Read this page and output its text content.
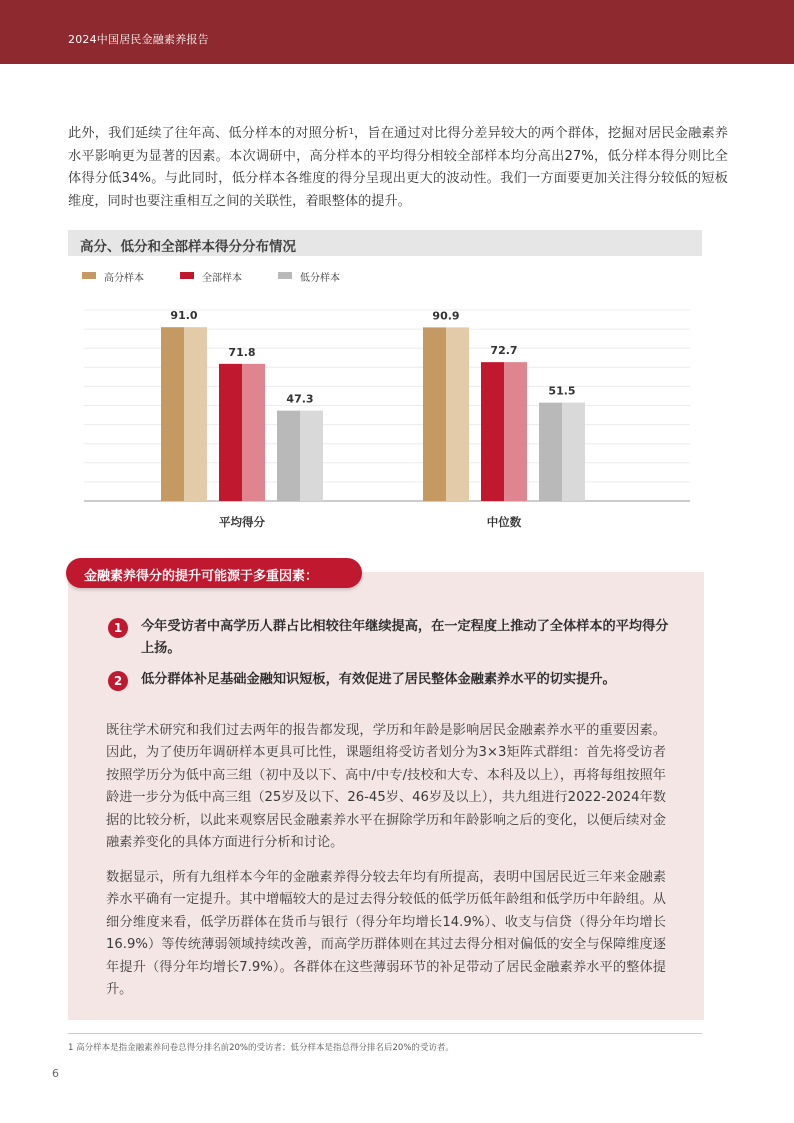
2024中国居民金融素养报告
此外，我们延续了往年高、低分样本的对照分析$^1$，旨在通过对比得分差异较大的两个群体，挖掘对居民金融素养水平影响更为显著的因素。本次调研中，高分样本的平均得分相较全部样本均分高出27%，低分样本得分则比全体得分低34%。与此同时，低分样本各维度的得分呈现出更大的波动性。我们一方面要更加关注得分较低的短板维度，同时也要注重相互之间的关联性，着眼整体的提升。
高分、低分和全部样本得分分布情况
高分样本	全部样本	低分样本
91.0
71.8
47.3
平均得分
90.9
72.7
51.5
中位数
金融素养得分的提升可能源于多重因素：
1	今年受访者中高学历人群占比相较往年继续提高，在一定程度上推动了全体样本的平均得分上扬。
2	低分群体补足基础金融知识短板，有效促进了居民整体金融素养水平的切实提升。
既往学术研究和我们过去两年的报告都发现，学历和年龄是影响居民金融素养水平的重要因素。因此，为了使历年调研样本更具可比性，课题组将受访者划分为3×3矩阵式群组：首先将受访者按照学历分为低中高三组（初中及以下、高中/中专/技校和大专、本科及以上），再将每组按照年龄进一步分为低中高三组（25岁及以下、26-45岁、46岁及以上），共九组进行2022-2024年数据的比较分析，以此来观察居民金融素养水平在摒除学历和年龄影响之后的变化，以便后续对金融素养变化的具体方面进行分析和讨论。
数据显示，所有九组样本今年的金融素养得分较去年均有所提高，表明中国居民近三年来金融素养水平确有一定提升。其中增幅较大的是过去得分较低的低学历低年龄组和低学历中年龄组。从细分维度来看，低学历群体在货币与银行（得分年均增长14.9%）、收支与信贷（得分年均增长16.9%）等传统薄弱领域持续改善，而高学历群体则在其过去得分相对偏低的安全与保障维度逐年提升（得分年均增长7.9%）。各群体在这些薄弱环节的补足带动了居民金融素养水平的整体提升。
1 高分样本是指金融素养问卷总得分排名前20%的受访者；低分样本是指总得分排名后20%的受访者。
6
